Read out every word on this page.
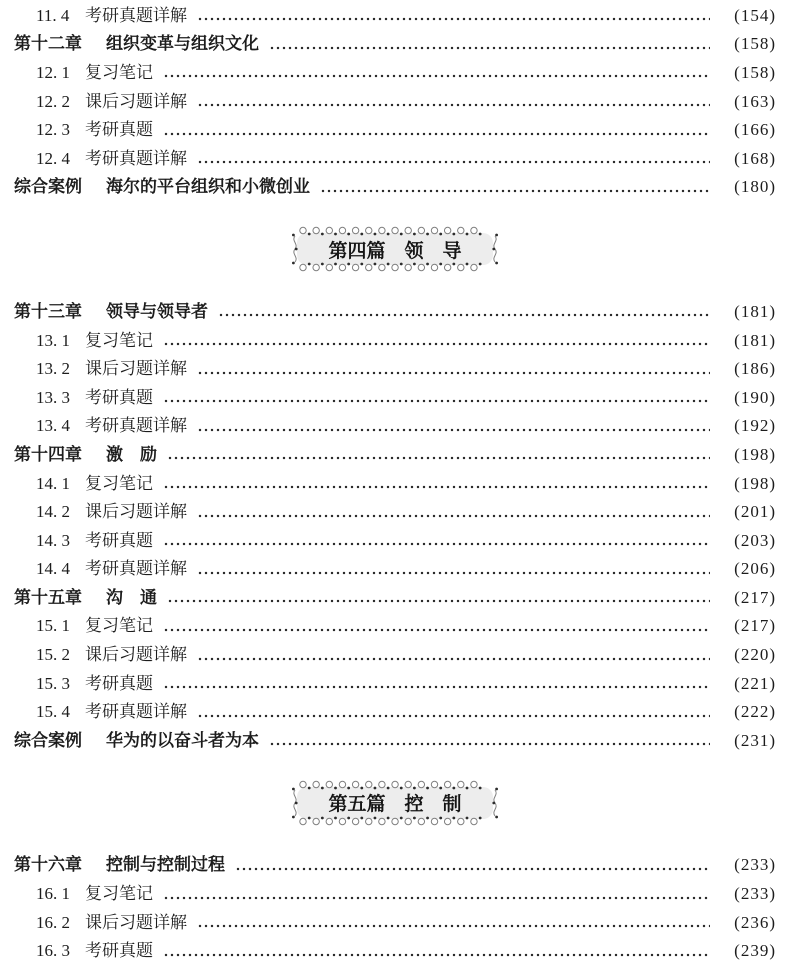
11. 4 考研真题详解	(154)
第十二章 组织变革与组织文化	(158)
12. 1 复习笔记	(158)
12. 2 课后习题详解	(163)
12. 3 考研真题	(166)
12. 4 考研真题详解	(168)
综合案例 海尔的平台组织和小微创业	(180)
第四篇　领　导
第十三章 领导与领导者	(181)
13. 1 复习笔记	(181)
13. 2 课后习题详解	(186)
13. 3 考研真题	(190)
13. 4 考研真题详解	(192)
第十四章 激　励	(198)
14. 1 复习笔记	(198)
14. 2 课后习题详解	(201)
14. 3 考研真题	(203)
14. 4 考研真题详解	(206)
第十五章 沟　通	(217)
15. 1 复习笔记	(217)
15. 2 课后习题详解	(220)
15. 3 考研真题	(221)
15. 4 考研真题详解	(222)
综合案例 华为的以奋斗者为本	(231)
第五篇　控　制
第十六章 控制与控制过程	(233)
16. 1 复习笔记	(233)
16. 2 课后习题详解	(236)
16. 3 考研真题	(239)
